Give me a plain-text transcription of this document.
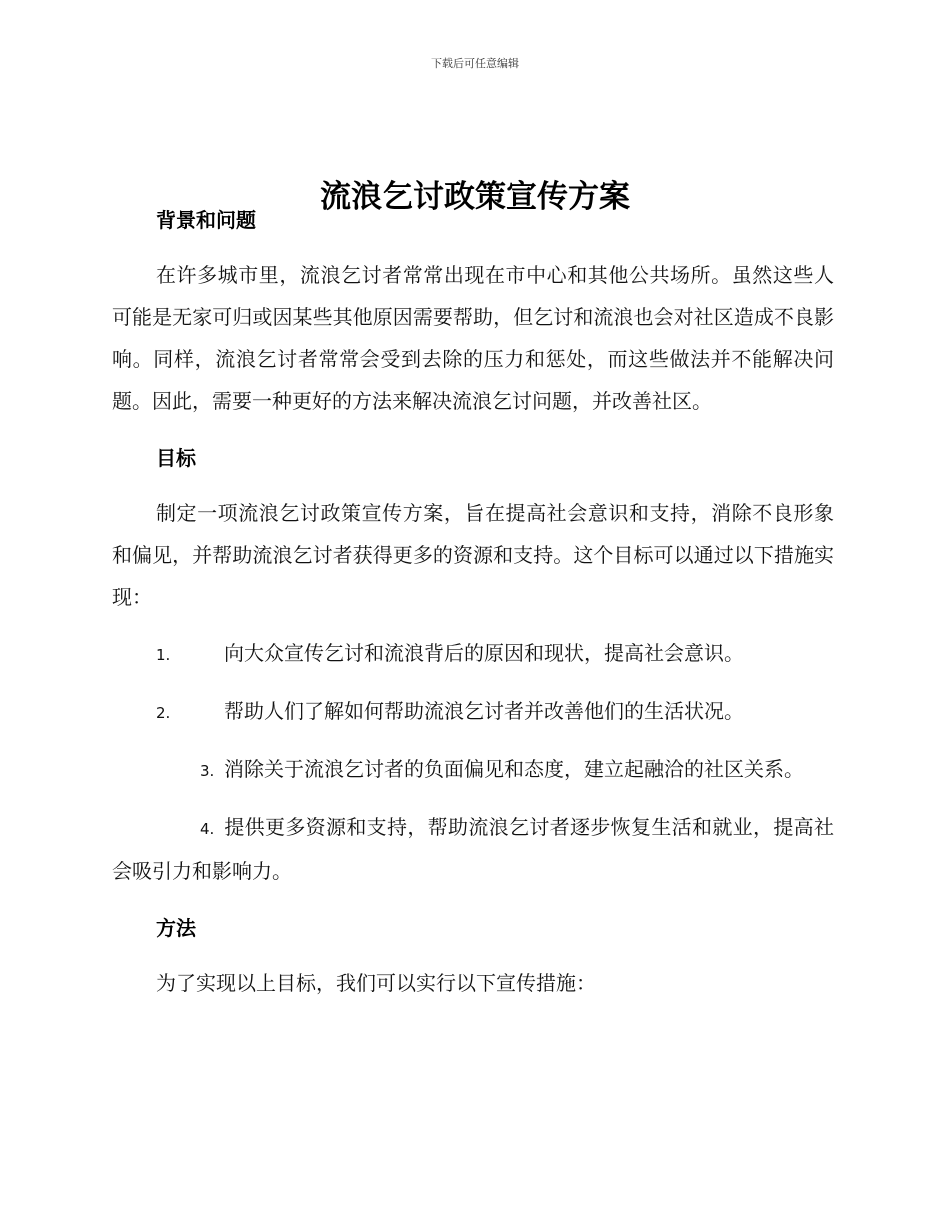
下载后可任意编辑
流浪乞讨政策宣传方案
背景和问题

在许多城市里，流浪乞讨者常常出现在市中心和其他公共场所。虽然这些人可能是无家可归或因某些其他原因需要帮助，但乞讨和流浪也会对社区造成不良影响。同样，流浪乞讨者常常会受到去除的压力和惩处，而这些做法并不能解决问题。因此，需要一种更好的方法来解决流浪乞讨问题，并改善社区。

目标

制定一项流浪乞讨政策宣传方案，旨在提高社会意识和支持，消除不良形象和偏见，并帮助流浪乞讨者获得更多的资源和支持。这个目标可以通过以下措施实现：

1.	向大众宣传乞讨和流浪背后的原因和现状，提高社会意识。
2.	帮助人们了解如何帮助流浪乞讨者并改善他们的生活状况。
3. 消除关于流浪乞讨者的负面偏见和态度，建立起融洽的社区关系。
4. 提供更多资源和支持，帮助流浪乞讨者逐步恢复生活和就业，提高社会吸引力和影响力。
方法

为了实现以上目标，我们可以实行以下宣传措施：
